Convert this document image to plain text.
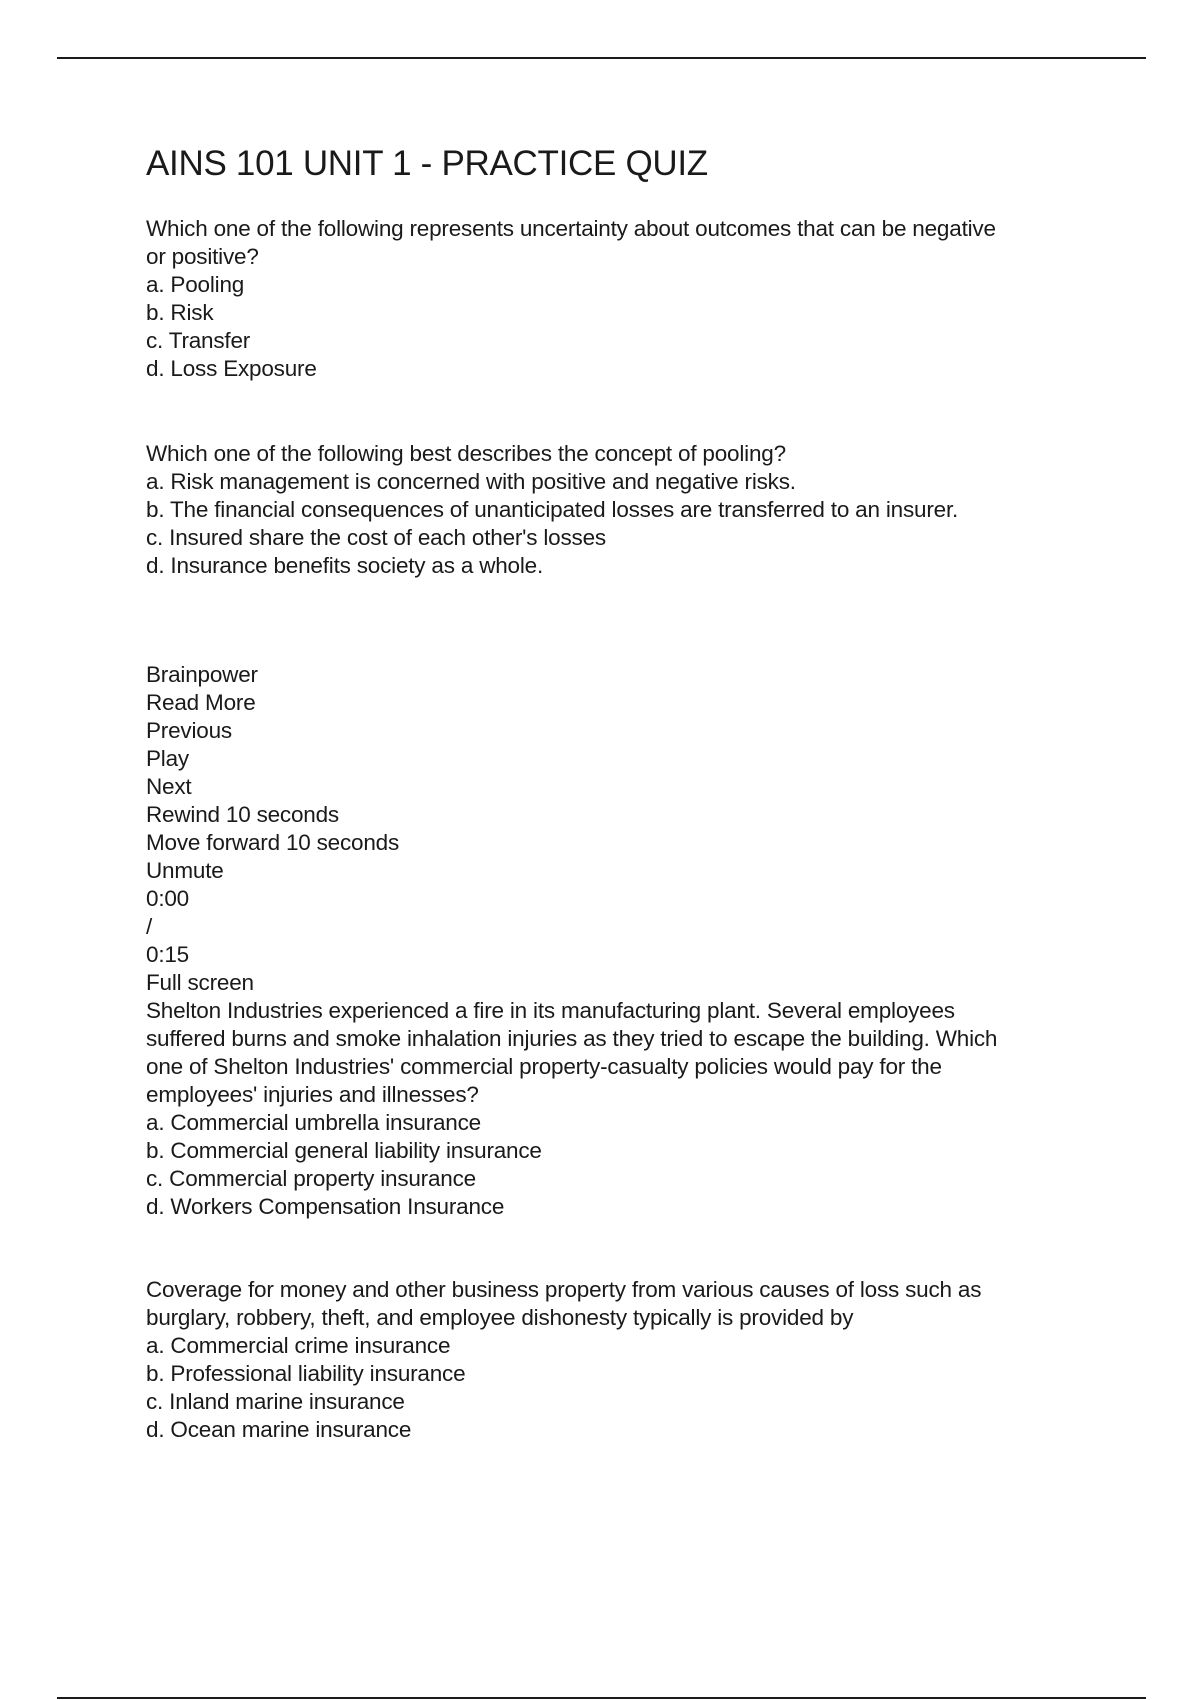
AINS 101 UNIT 1 - PRACTICE QUIZ
Which one of the following represents uncertainty about outcomes that can be negative
or positive?
a. Pooling
b. Risk
c. Transfer
d. Loss Exposure
Which one of the following best describes the concept of pooling?
a. Risk management is concerned with positive and negative risks.
b. The financial consequences of unanticipated losses are transferred to an insurer.
c. Insured share the cost of each other's losses
d. Insurance benefits society as a whole.
Brainpower
Read More
Previous
Play
Next
Rewind 10 seconds
Move forward 10 seconds
Unmute
0:00
/
0:15
Full screen
Shelton Industries experienced a fire in its manufacturing plant. Several employees
suffered burns and smoke inhalation injuries as they tried to escape the building. Which
one of Shelton Industries' commercial property-casualty policies would pay for the
employees' injuries and illnesses?
a. Commercial umbrella insurance
b. Commercial general liability insurance
c. Commercial property insurance
d. Workers Compensation Insurance
Coverage for money and other business property from various causes of loss such as
burglary, robbery, theft, and employee dishonesty typically is provided by
a. Commercial crime insurance
b. Professional liability insurance
c. Inland marine insurance
d. Ocean marine insurance
